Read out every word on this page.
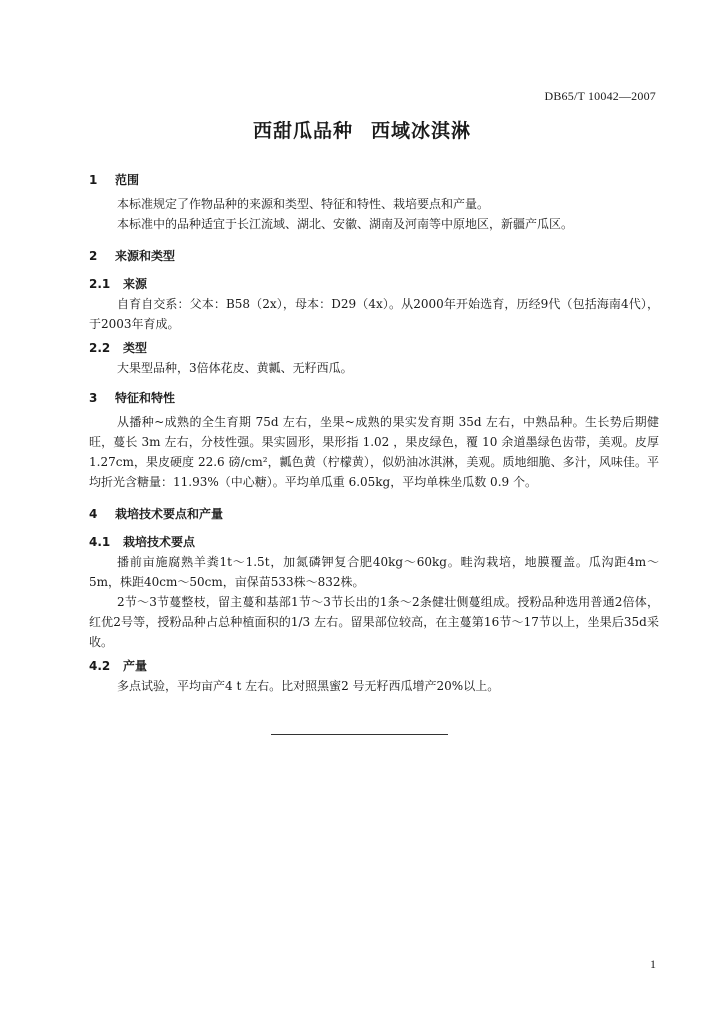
DB65/T 10042—2007
西甜瓜品种 西域冰淇淋
1 范围

本标准规定了作物品种的来源和类型、特征和特性、栽培要点和产量。

本标准中的品种适宜于长江流域、湖北、安徽、湖南及河南等中原地区，新疆产瓜区。

2 来源和类型
2.1 来源

自育自交系：父本：B58（2x），母本：D29（4x）。从2000年开始选育，历经9代（包括海南4代），于2003年育成。

2.2 类型

大果型品种，3倍体花皮、黄瓤、无籽西瓜。

3 特征和特性

从播种~成熟的全生育期 75d 左右，坐果~成熟的果实发育期 35d 左右，中熟品种。生长势后期健旺，蔓长 3m 左右，分枝性强。果实圆形，果形指 1.02 ，果皮绿色，覆 10 余道墨绿色齿带，美观。皮厚 1.27cm，果皮硬度 22.6 磅/cm²，瓤色黄（柠檬黄），似奶油冰淇淋，美观。质地细脆、多汁，风味佳。平均折光含糖量：11.93%（中心糖）。平均单瓜重 6.05kg，平均单株坐瓜数 0.9 个。

4 栽培技术要点和产量
4.1 栽培技术要点

播前亩施腐熟羊粪1t～1.5t，加氮磷钾复合肥40kg～60kg。畦沟栽培，地膜覆盖。瓜沟距4m～5m，株距40cm～50cm，亩保苗533株～832株。

2节～3节蔓整枝，留主蔓和基部1节～3节长出的1条～2条健壮侧蔓组成。授粉品种选用普通2倍体，红优2号等，授粉品种占总种植面积的1/3 左右。留果部位较高，在主蔓第16节～17节以上，坐果后35d采收。

4.2 产量

多点试验，平均亩产4 t 左右。比对照黑蜜2 号无籽西瓜增产20%以上。

1
